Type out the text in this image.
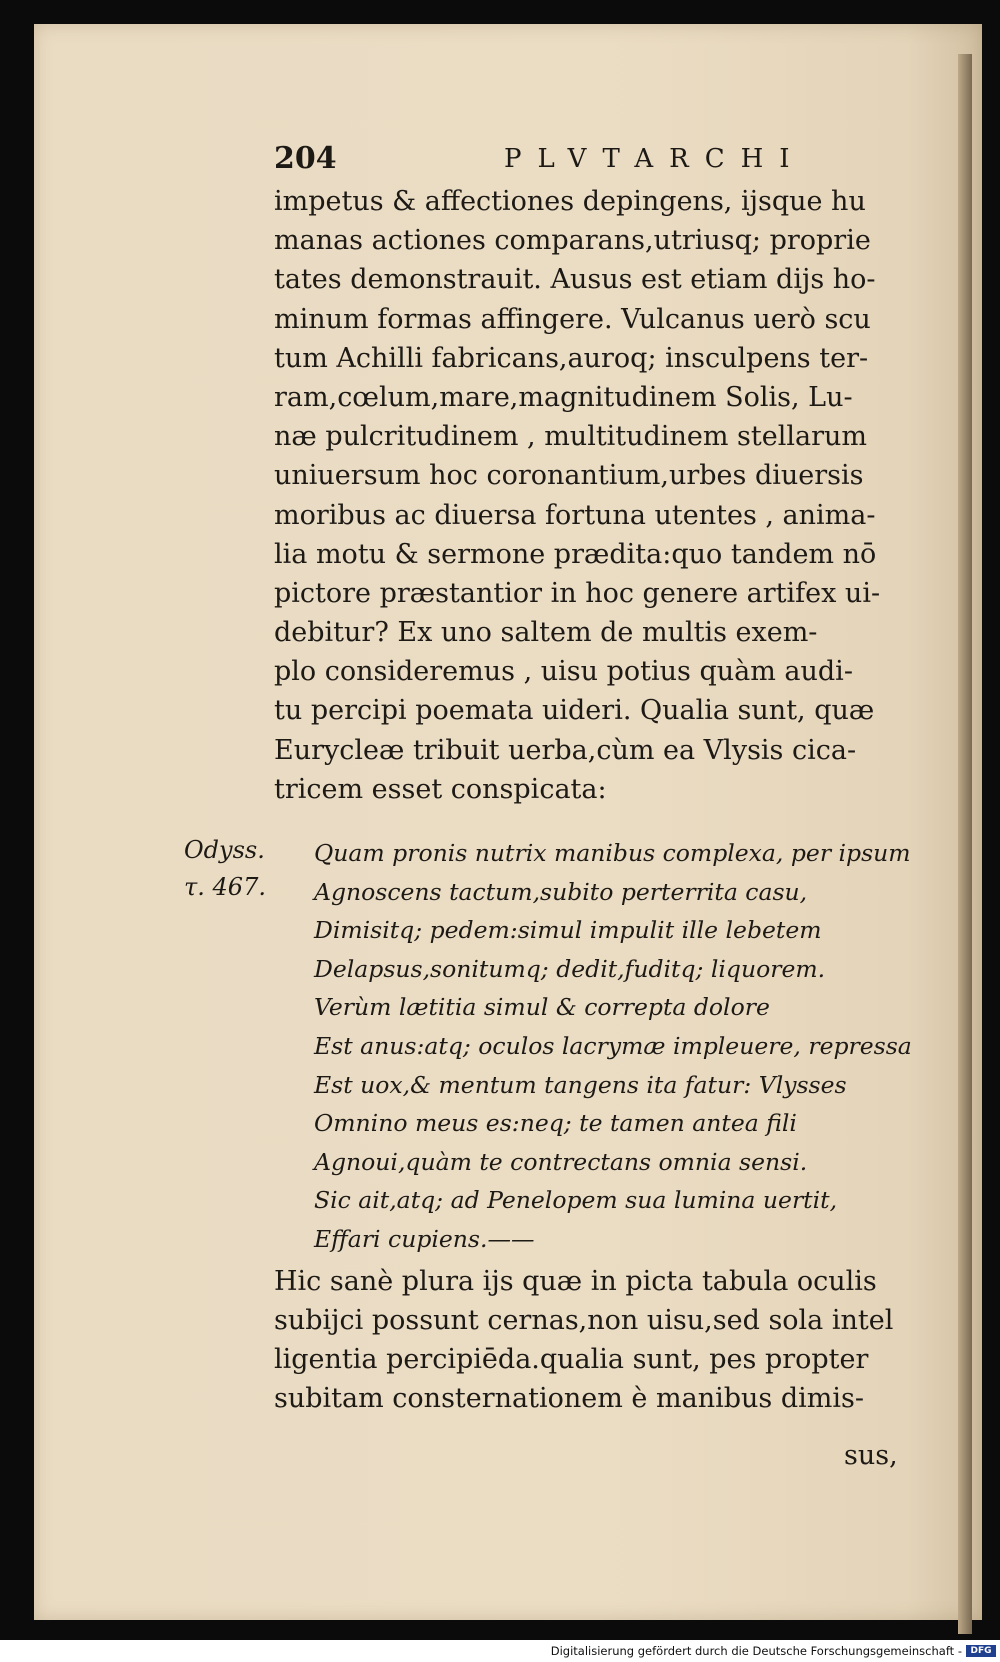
204	PLVTARCHI
impetus & affectiones depingens, ijsque hu
manas actiones comparans,utriusq; proprie
tates demonstrauit. Ausus est etiam dijs ho-
minum formas affingere. Vulcanus uerò scu
tum Achilli fabricans,auroq; insculpens ter-
ram,cœlum,mare,magnitudinem Solis, Lu-
næ pulcritudinem , multitudinem stellarum
uniuersum hoc coronantium,urbes diuersis
moribus ac diuersa fortuna utentes , anima-
lia motu & sermone prædita:quo tandem nō
pictore præstantior in hoc genere artifex ui-
debitur? Ex uno saltem de multis exem-
plo consideremus , uisu potius quàm audi-
tu percipi poemata uideri. Qualia sunt, quæ
Eurycleæ tribuit uerba,cùm ea Vlysis cica-
tricem esset conspicata:
Odyss.
τ. 467.
Quam pronis nutrix manibus complexa, per ipsum
Agnoscens tactum,subito perterrita casu,
Dimisitq; pedem:simul impulit ille lebetem
Delapsus,sonitumq; dedit,fuditq; liquorem.
Verùm lætitia simul & correpta dolore
Est anus:atq; oculos lacrymæ impleuere, repressa
Est uox,& mentum tangens ita fatur: Vlysses
Omnino meus es:neq; te tamen antea fili
Agnoui,quàm te contrectans omnia sensi.
Sic ait,atq; ad Penelopem sua lumina uertit,
Effari cupiens.——
Hic sanè plura ijs quæ in picta tabula oculis
subijci possunt cernas,non uisu,sed sola intel
ligentia percipiēda.qualia sunt, pes propter
subitam consternationem è manibus dimis-
sus,
Digitalisierung gefördert durch die Deutsche Forschungsgemeinschaft - DFG
